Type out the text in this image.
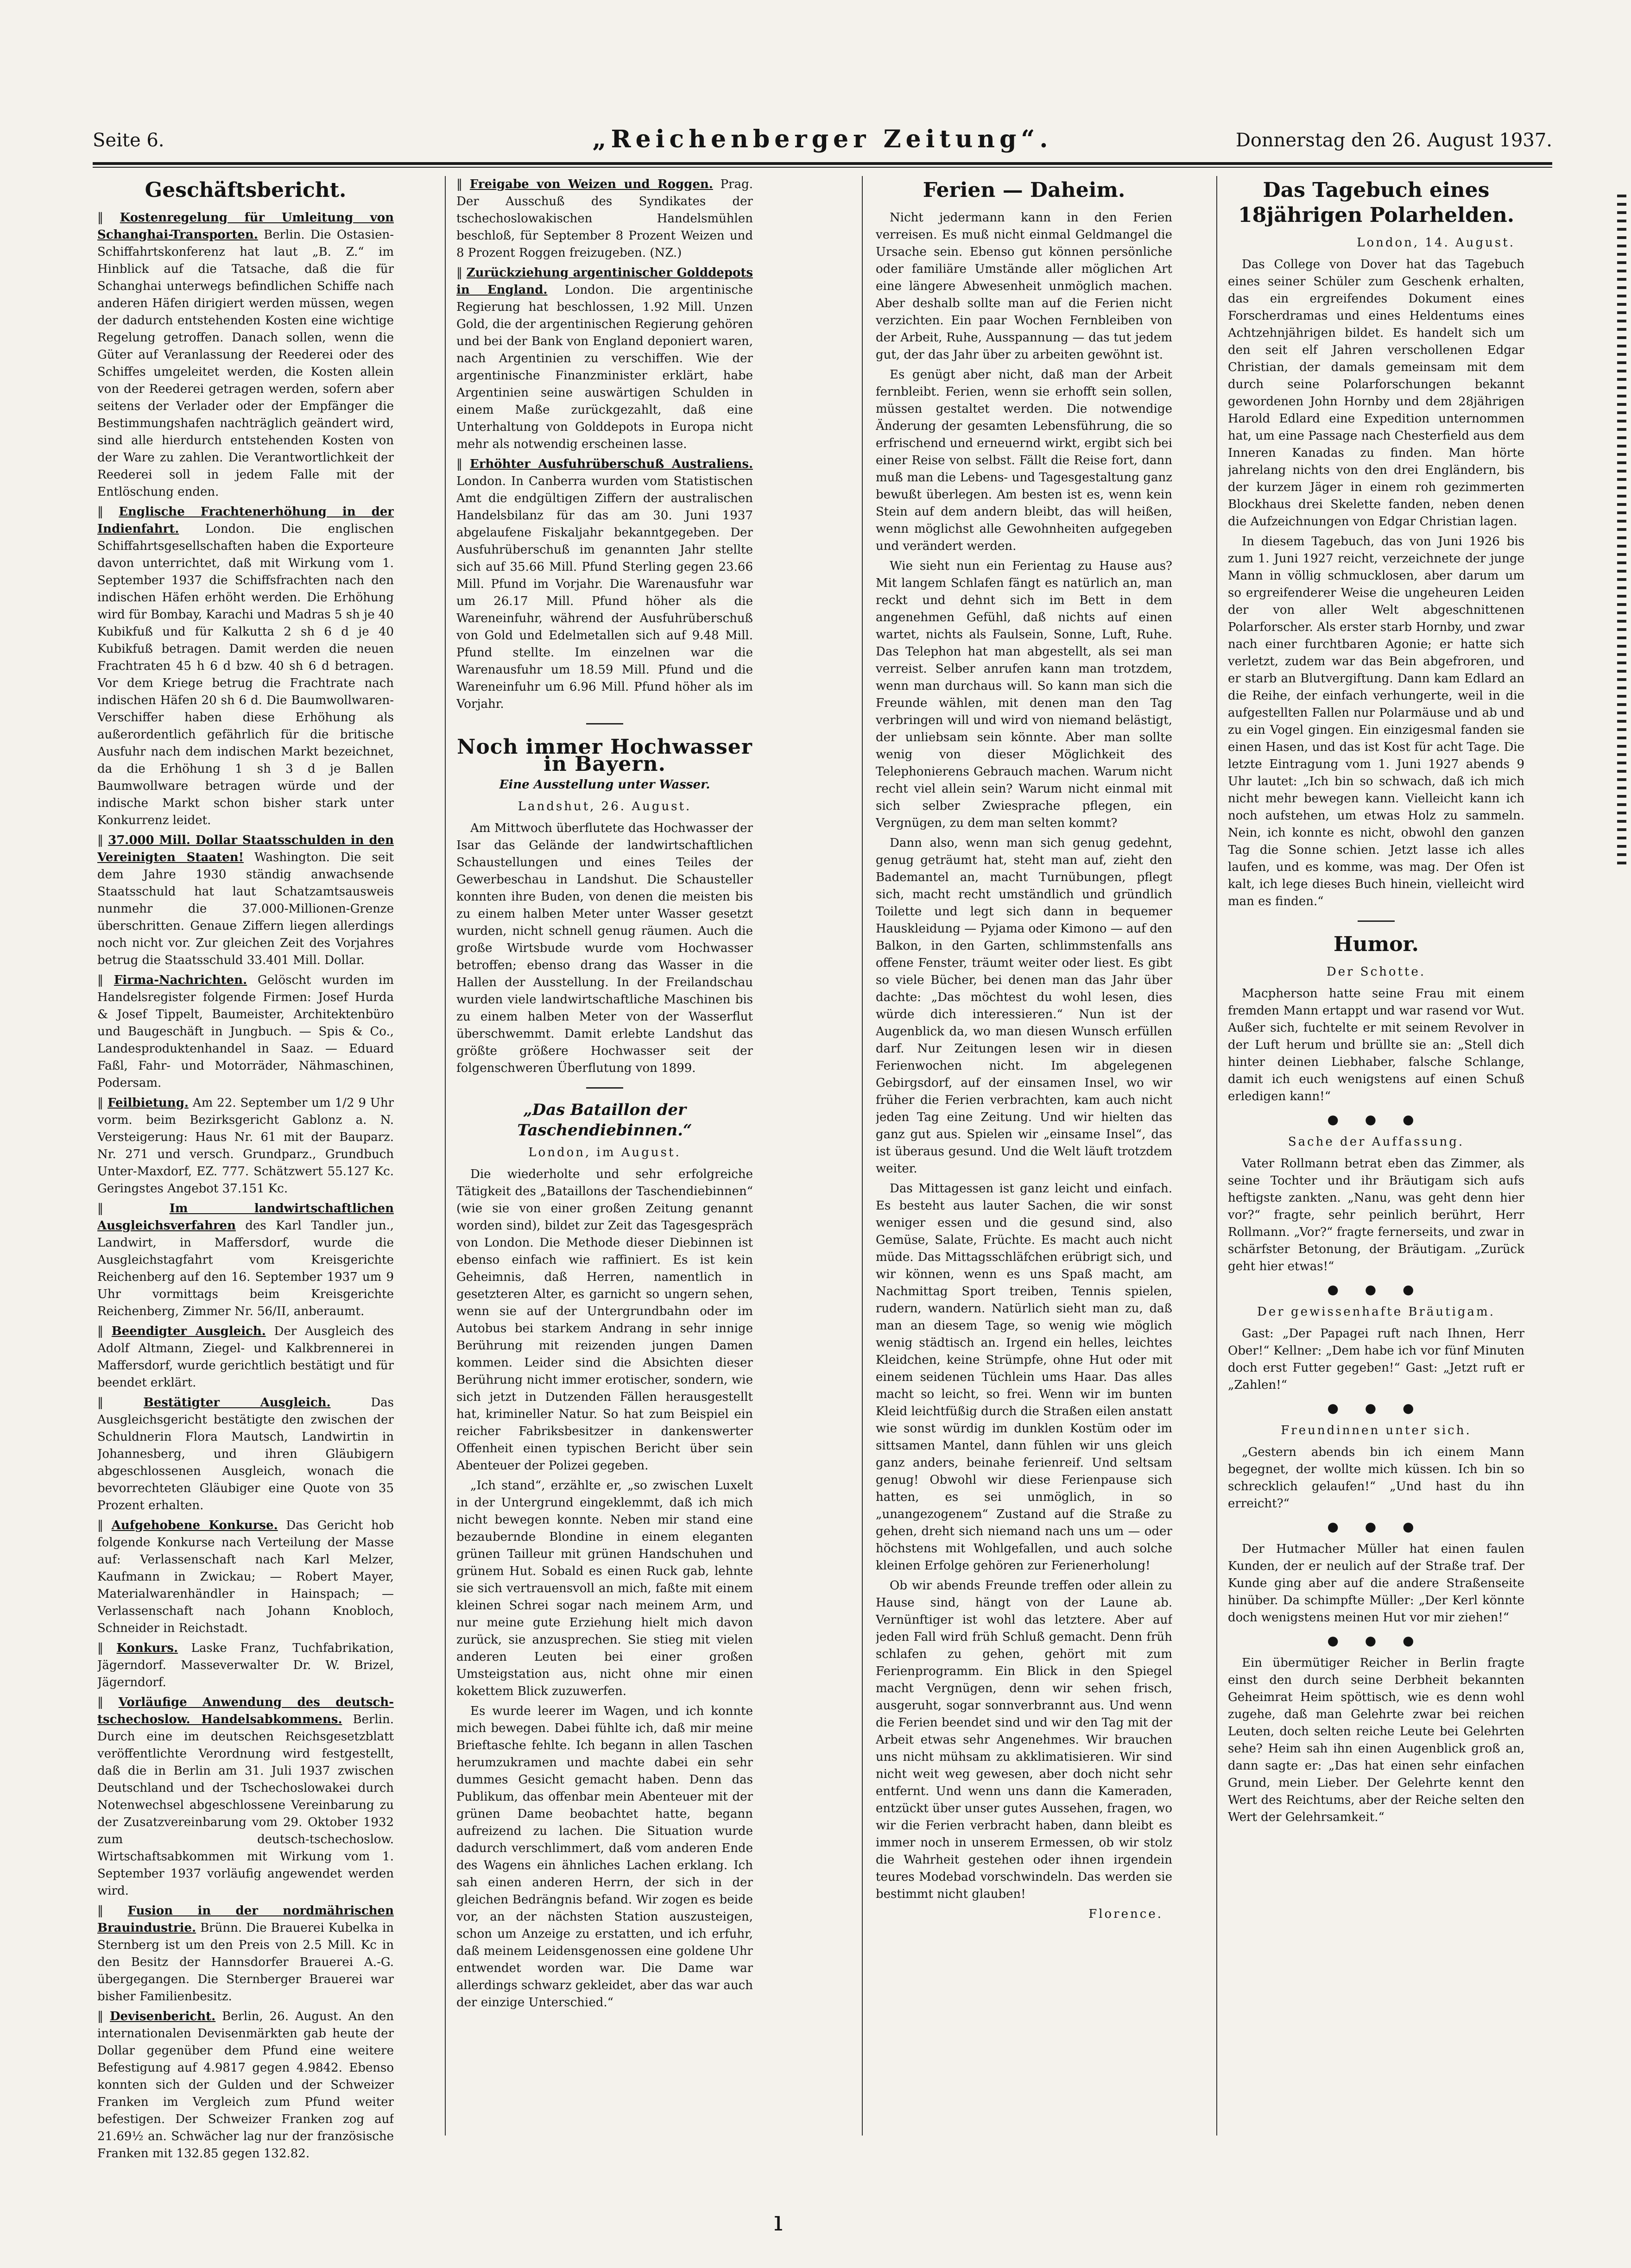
Seite 6.	„Reichenberger Zeitung“.	Donnerstag den 26. August 1937.
Geschäftsbericht.

‖ Kostenregelung für Umleitung von Schanghai-Transporten. Berlin. Die Ostasien-Schiffahrtskonferenz hat laut „B. Z.“ im Hinblick auf die Tatsache, daß die für Schanghai unterwegs befindlichen Schiffe nach anderen Häfen dirigiert werden müssen, wegen der dadurch entstehenden Kosten eine wichtige Regelung getroffen. Danach sollen, wenn die Güter auf Veranlassung der Reederei oder des Schiffes umgeleitet werden, die Kosten allein von der Reederei getragen werden, sofern aber seitens der Verlader oder der Empfänger die Bestimmungshafen nachträglich geändert wird, sind alle hierdurch entstehenden Kosten von der Ware zu zahlen. Die Verantwortlichkeit der Reederei soll in jedem Falle mit der Entlöschung enden.

‖ Englische Frachtenerhöhung in der Indienfahrt. London. Die englischen Schiffahrtsgesellschaften haben die Exporteure davon unterrichtet, daß mit Wirkung vom 1. September 1937 die Schiffsfrachten nach den indischen Häfen erhöht werden. Die Erhöhung wird für Bombay, Karachi und Madras 5 sh je 40 Kubikfuß und für Kalkutta 2 sh 6 d je 40 Kubikfuß betragen. Damit werden die neuen Frachtraten 45 h 6 d bzw. 40 sh 6 d betragen. Vor dem Kriege betrug die Frachtrate nach indischen Häfen 20 sh 6 d. Die Baumwollwaren-Verschiffer haben diese Erhöhung als außerordentlich gefährlich für die britische Ausfuhr nach dem indischen Markt bezeichnet, da die Erhöhung 1 sh 3 d je Ballen Baumwollware betragen würde und der indische Markt schon bisher stark unter Konkurrenz leidet.

‖ 37.000 Mill. Dollar Staatsschulden in den Vereinigten Staaten! Washington. Die seit dem Jahre 1930 ständig anwachsende Staatsschuld hat laut Schatzamtsausweis nunmehr die 37.000-Millionen-Grenze überschritten. Genaue Ziffern liegen allerdings noch nicht vor. Zur gleichen Zeit des Vorjahres betrug die Staatsschuld 33.401 Mill. Dollar.

‖ Firma-Nachrichten. Gelöscht wurden im Handelsregister folgende Firmen: Josef Hurda & Josef Tippelt, Baumeister, Architektenbüro und Baugeschäft in Jungbuch. — Spis & Co., Landesproduktenhandel in Saaz. — Eduard Faßl, Fahr- und Motorräder, Nähmaschinen, Podersam.

‖ Feilbietung. Am 22. September um 1/2 9 Uhr vorm. beim Bezirksgericht Gablonz a. N. Versteigerung: Haus Nr. 61 mit der Bauparz. Nr. 271 und versch. Grundparz., Grundbuch Unter-Maxdorf, EZ. 777. Schätzwert 55.127 Kc. Geringstes Angebot 37.151 Kc.

‖ Im landwirtschaftlichen Ausgleichsverfahren des Karl Tandler jun., Landwirt, in Maffersdorf, wurde die Ausgleichstagfahrt vom Kreisgerichte Reichenberg auf den 16. September 1937 um 9 Uhr vormittags beim Kreisgerichte Reichenberg, Zimmer Nr. 56/II, anberaumt.

‖ Beendigter Ausgleich. Der Ausgleich des Adolf Altmann, Ziegel- und Kalkbrennerei in Maffersdorf, wurde gerichtlich bestätigt und für beendet erklärt.

‖ Bestätigter Ausgleich.	Das Ausgleichsgericht bestätigte den zwischen der Schuldnerin Flora Mautsch, Landwirtin in Johannesberg, und ihren Gläubigern abgeschlossenen Ausgleich, wonach die bevorrechteten Gläubiger eine Quote von 35 Prozent erhalten.

‖ Aufgehobene Konkurse. Das Gericht hob folgende Konkurse nach Verteilung der Masse auf: Verlassenschaft nach Karl Melzer, Kaufmann in Zwickau; — Robert Mayer, Materialwarenhändler in Hainspach; — Verlassenschaft nach Johann Knobloch, Schneider in Reichstadt.

‖ Konkurs. Laske Franz, Tuchfabrikation, Jägerndorf. Masseverwalter Dr. W. Brizel, Jägerndorf.

‖ Vorläufige Anwendung des deutsch-tschechoslow. Handelsabkommens. Berlin. Durch eine im deutschen Reichsgesetzblatt veröffentlichte Verordnung wird festgestellt, daß die in Berlin am 31. Juli 1937 zwischen Deutschland und der Tschechoslowakei durch Notenwechsel abgeschlossene Vereinbarung zu der Zusatzvereinbarung vom 29. Oktober 1932 zum deutsch-tschechoslow. Wirtschaftsabkommen mit Wirkung vom 1. September 1937 vorläufig angewendet werden wird.

‖ Fusion in der nordmährischen Brauindustrie. Brünn. Die Brauerei Kubelka in Sternberg ist um den Preis von 2.5 Mill. Kc in den Besitz der Hannsdorfer Brauerei A.-G. übergegangen. Die Sternberger Brauerei war bisher Familienbesitz.

‖ Devisenbericht. Berlin, 26. August. An den internationalen Devisenmärkten gab heute der Dollar gegenüber dem Pfund eine weitere Befestigung auf 4.9817 gegen 4.9842. Ebenso konnten sich der Gulden und der Schweizer Franken im Vergleich zum Pfund weiter befestigen. Der Schweizer Franken zog auf 21.69½ an. Schwächer lag nur der französische Franken mit 132.85 gegen 132.82.

‖ Freigabe von Weizen und Roggen. Prag. Der Ausschuß des Syndikates der tschechoslowakischen Handelsmühlen beschloß, für September 8 Prozent Weizen und 8 Prozent Roggen freizugeben. (NZ.)

‖ Zurückziehung argentinischer Golddepots in England. London. Die argentinische Regierung hat beschlossen, 1.92 Mill. Unzen Gold, die der argentinischen Regierung gehören und bei der Bank von England deponiert waren, nach Argentinien zu verschiffen. Wie der argentinische Finanzminister erklärt, habe Argentinien seine auswärtigen Schulden in einem Maße zurückgezahlt, daß eine Unterhaltung von Golddepots in Europa nicht mehr als notwendig erscheinen lasse.

‖ Erhöhter Ausfuhrüberschuß Australiens. London. In Canberra wurden vom Statistischen Amt die endgültigen Ziffern der australischen Handelsbilanz für das am 30. Juni 1937 abgelaufene Fiskaljahr bekanntgegeben. Der Ausfuhrüberschuß im genannten Jahr stellte sich auf 35.66 Mill. Pfund Sterling gegen 23.66 Mill. Pfund im Vorjahr. Die Warenausfuhr war um 26.17 Mill. Pfund höher als die Wareneinfuhr, während der Ausfuhrüberschuß von Gold und Edelmetallen sich auf 9.48 Mill. Pfund stellte. Im einzelnen war die Warenausfuhr um 18.59 Mill. Pfund und die Wareneinfuhr um 6.96 Mill. Pfund höher als im Vorjahr.

Noch immer Hochwasser in Bayern.
Eine Ausstellung unter Wasser.
Landshut, 26. August.

Am Mittwoch überflutete das Hochwasser der Isar das Gelände der landwirtschaftlichen Schaustellungen und eines Teiles der Gewerbeschau in Landshut. Die Schausteller konnten ihre Buden, von denen die meisten bis zu einem halben Meter unter Wasser gesetzt wurden, nicht schnell genug räumen. Auch die große Wirtsbude wurde vom Hochwasser betroffen; ebenso drang das Wasser in die Hallen der Ausstellung. In der Freilandschau wurden viele landwirtschaftliche Maschinen bis zu einem halben Meter von der Wasserflut überschwemmt. Damit erlebte Landshut das größte größere Hochwasser seit der folgenschweren Überflutung von 1899.

„Das Bataillon der Taschendiebinnen.“
London, im August.

Die wiederholte und sehr erfolgreiche Tätigkeit des „Bataillons der Taschendiebinnen“ (wie sie von einer großen Zeitung genannt worden sind), bildet zur Zeit das Tagesgespräch von London. Die Methode dieser Diebinnen ist ebenso einfach wie raffiniert. Es ist kein Geheimnis, daß Herren, namentlich in gesetzteren Alter, es garnicht so ungern sehen, wenn sie auf der Untergrundbahn oder im Autobus bei starkem Andrang in sehr innige Berührung mit reizenden jungen Damen kommen. Leider sind die Absichten dieser Berührung nicht immer erotischer, sondern, wie sich jetzt in Dutzenden Fällen herausgestellt hat, krimineller Natur. So hat zum Beispiel ein reicher Fabriksbesitzer in dankenswerter Offenheit einen typischen Bericht über sein Abenteuer der Polizei gegeben.

„Ich stand“, erzählte er, „so zwischen Luxelt in der Untergrund eingeklemmt, daß ich mich nicht bewegen konnte. Neben mir stand eine bezaubernde Blondine in einem eleganten grünen Tailleur mit grünen Handschuhen und grünem Hut. Sobald es einen Ruck gab, lehnte sie sich vertrauensvoll an mich, faßte mit einem kleinen Schrei sogar nach meinem Arm, und nur meine gute Erziehung hielt mich davon zurück, sie anzusprechen. Sie stieg mit vielen anderen Leuten bei einer großen Umsteigstation aus, nicht ohne mir einen kokettem Blick zuzuwerfen.

Es wurde leerer im Wagen, und ich konnte mich bewegen. Dabei fühlte ich, daß mir meine Brieftasche fehlte. Ich begann in allen Taschen herumzukramen und machte dabei ein sehr dummes Gesicht gemacht haben. Denn das Publikum, das offenbar mein Abenteuer mit der grünen Dame beobachtet hatte, begann aufreizend zu lachen. Die Situation wurde dadurch verschlimmert, daß vom anderen Ende des Wagens ein ähnliches Lachen erklang. Ich sah einen anderen Herrn, der sich in der gleichen Bedrängnis befand. Wir zogen es beide vor, an der nächsten Station auszusteigen, schon um Anzeige zu erstatten, und ich erfuhr, daß meinem Leidensgenossen eine goldene Uhr entwendet worden war. Die Dame war allerdings schwarz gekleidet, aber das war auch der einzige Unterschied.“

Ferien — Daheim.

Nicht jedermann kann in den Ferien verreisen. Es muß nicht einmal Geldmangel die Ursache sein. Ebenso gut können persönliche oder familiäre Umstände aller möglichen Art eine längere Abwesenheit unmöglich machen. Aber deshalb sollte man auf die Ferien nicht verzichten. Ein paar Wochen Fernbleiben von der Arbeit, Ruhe, Ausspannung — das tut jedem gut, der das Jahr über zu arbeiten gewöhnt ist.

Es genügt aber nicht, daß man der Arbeit fernbleibt. Ferien, wenn sie erhofft sein sollen, müssen gestaltet werden. Die notwendige Änderung der gesamten Lebensführung, die so erfrischend und erneuernd wirkt, ergibt sich bei einer Reise von selbst. Fällt die Reise fort, dann muß man die Lebens- und Tagesgestaltung ganz bewußt überlegen. Am besten ist es, wenn kein Stein auf dem andern bleibt, das will heißen, wenn möglichst alle Gewohnheiten aufgegeben und verändert werden.

Wie sieht nun ein Ferientag zu Hause aus? Mit langem Schlafen fängt es natürlich an, man reckt und dehnt sich im Bett in dem angenehmen Gefühl, daß nichts auf einen wartet, nichts als Faulsein, Sonne, Luft, Ruhe. Das Telephon hat man abgestellt, als sei man verreist. Selber anrufen kann man trotzdem, wenn man durchaus will. So kann man sich die Freunde wählen, mit denen man den Tag verbringen will und wird von niemand belästigt, der unliebsam sein könnte. Aber man sollte wenig von dieser Möglichkeit des Telephonierens Gebrauch machen. Warum nicht recht viel allein sein? Warum nicht einmal mit sich selber Zwiesprache pflegen, ein Vergnügen, zu dem man selten kommt?

Dann also, wenn man sich genug gedehnt, genug geträumt hat, steht man auf, zieht den Bademantel an, macht Turnübungen, pflegt sich, macht recht umständlich und gründlich Toilette und legt sich dann in bequemer Hauskleidung — Pyjama oder Kimono — auf den Balkon, in den Garten, schlimmstenfalls ans offene Fenster, träumt weiter oder liest. Es gibt so viele Bücher, bei denen man das Jahr über dachte: „Das möchtest du wohl lesen, dies würde dich interessieren.“ Nun ist der Augenblick da, wo man diesen Wunsch erfüllen darf. Nur Zeitungen lesen wir in diesen Ferienwochen nicht. Im abgelegenen Gebirgsdorf, auf der einsamen Insel, wo wir früher die Ferien verbrachten, kam auch nicht jeden Tag eine Zeitung. Und wir hielten das ganz gut aus. Spielen wir „einsame Insel“, das ist überaus gesund. Und die Welt läuft trotzdem weiter.

Das Mittagessen ist ganz leicht und einfach. Es besteht aus lauter Sachen, die wir sonst weniger essen und die gesund sind, also Gemüse, Salate, Früchte. Es macht auch nicht müde. Das Mittagsschläfchen erübrigt sich, und wir können, wenn es uns Spaß macht, am Nachmittag Sport treiben, Tennis spielen, rudern, wandern. Natürlich sieht man zu, daß man an diesem Tage, so wenig wie möglich wenig städtisch an. Irgend ein helles, leichtes Kleidchen, keine Strümpfe, ohne Hut oder mit einem seidenen Tüchlein ums Haar. Das alles macht so leicht, so frei. Wenn wir im bunten Kleid leichtfüßig durch die Straßen eilen anstatt wie sonst würdig im dunklen Kostüm oder im sittsamen Mantel, dann fühlen wir uns gleich ganz anders, beinahe ferienreif. Und seltsam genug! Obwohl wir diese Ferienpause sich hatten, es sei unmöglich, in so „unangezogenem“ Zustand auf die Straße zu gehen, dreht sich niemand nach uns um — oder höchstens mit Wohlgefallen, und auch solche kleinen Erfolge gehören zur Ferienerholung!

Ob wir abends Freunde treffen oder allein zu Hause sind, hängt von der Laune ab. Vernünftiger ist wohl das letztere. Aber auf jeden Fall wird früh Schluß gemacht. Denn früh schlafen zu gehen, gehört mit zum Ferienprogramm. Ein Blick in den Spiegel macht Vergnügen, denn wir sehen frisch, ausgeruht, sogar sonnverbrannt aus. Und wenn die Ferien beendet sind und wir den Tag mit der Arbeit etwas sehr Angenehmes. Wir brauchen uns nicht mühsam zu akklimatisieren. Wir sind nicht weit weg gewesen, aber doch nicht sehr entfernt. Und wenn uns dann die Kameraden, entzückt über unser gutes Aussehen, fragen, wo wir die Ferien verbracht haben, dann bleibt es immer noch in unserem Ermessen, ob wir stolz die Wahrheit gestehen oder ihnen irgendein teures Modebad vorschwindeln. Das werden sie bestimmt nicht glauben!

Florence.
Das Tagebuch eines 18jährigen Polarhelden.
London, 14. August.

Das College von Dover hat das Tagebuch eines seiner Schüler zum Geschenk erhalten, das ein ergreifendes Dokument eines Forscherdramas und eines Heldentums eines Achtzehnjährigen bildet. Es handelt sich um den seit elf Jahren verschollenen Edgar Christian, der damals gemeinsam mit dem durch seine Polarforschungen bekannt gewordenen John Hornby und dem 28jährigen Harold Edlard eine Expedition unternommen hat, um eine Passage nach Chesterfield aus dem Inneren Kanadas zu finden. Man hörte jahrelang nichts von den drei Engländern, bis der kurzem Jäger in einem roh gezimmerten Blockhaus drei Skelette fanden, neben denen die Aufzeichnungen von Edgar Christian lagen.

In diesem Tagebuch, das von Juni 1926 bis zum 1. Juni 1927 reicht, verzeichnete der junge Mann in völlig schmucklosen, aber darum um so ergreifenderer Weise die ungeheuren Leiden der von aller Welt abgeschnittenen Polarforscher. Als erster starb Hornby, und zwar nach einer furchtbaren Agonie; er hatte sich verletzt, zudem war das Bein abgefroren, und er starb an Blutvergiftung. Dann kam Edlard an die Reihe, der einfach verhungerte, weil in die aufgestellten Fallen nur Polarmäuse und ab und zu ein Vogel gingen. Ein einzigesmal fanden sie einen Hasen, und das ist Kost für acht Tage. Die letzte Eintragung vom 1. Juni 1927 abends 9 Uhr lautet: „Ich bin so schwach, daß ich mich nicht mehr bewegen kann. Vielleicht kann ich noch aufstehen, um etwas Holz zu sammeln. Nein, ich konnte es nicht, obwohl den ganzen Tag die Sonne schien. Jetzt lasse ich alles laufen, und es komme, was mag. Der Ofen ist kalt, ich lege dieses Buch hinein, vielleicht wird man es finden.“

Humor.
Der Schotte.

Macpherson hatte seine Frau mit einem fremden Mann ertappt und war rasend vor Wut. Außer sich, fuchtelte er mit seinem Revolver in der Luft herum und brüllte sie an: „Stell dich hinter deinen Liebhaber, falsche Schlange, damit ich euch wenigstens auf einen Schuß erledigen kann!“

● ● ●
Sache der Auffassung.

Vater Rollmann betrat eben das Zimmer, als seine Tochter und ihr Bräutigam sich aufs heftigste zankten. „Nanu, was geht denn hier vor?“ fragte, sehr peinlich berührt, Herr Rollmann. „Vor?“ fragte fernerseits, und zwar in schärfster Betonung, der Bräutigam. „Zurück geht hier etwas!“

● ● ●
Der gewissenhafte Bräutigam.

Gast: „Der Papagei ruft nach Ihnen, Herr Ober!“ Kellner: „Dem habe ich vor fünf Minuten doch erst Futter gegeben!“ Gast: „Jetzt ruft er „Zahlen!“

● ● ●
Freundinnen unter sich.

„Gestern abends bin ich einem Mann begegnet, der wollte mich küssen. Ich bin so schrecklich gelaufen!“ „Und hast du ihn erreicht?“

● ● ●

Der Hutmacher Müller hat einen faulen Kunden, der er neulich auf der Straße traf. Der Kunde ging aber auf die andere Straßenseite hinüber. Da schimpfte Müller: „Der Kerl könnte doch wenigstens meinen Hut vor mir ziehen!“

● ● ●

Ein übermütiger Reicher in Berlin fragte einst den durch seine Derbheit bekannten Geheimrat Heim spöttisch, wie es denn wohl zugehe, daß man Gelehrte zwar bei reichen Leuten, doch selten reiche Leute bei Gelehrten sehe? Heim sah ihn einen Augenblick groß an, dann sagte er: „Das hat einen sehr einfachen Grund, mein Lieber. Der Gelehrte kennt den Wert des Reichtums, aber der Reiche selten den Wert der Gelehrsamkeit.“

ı
